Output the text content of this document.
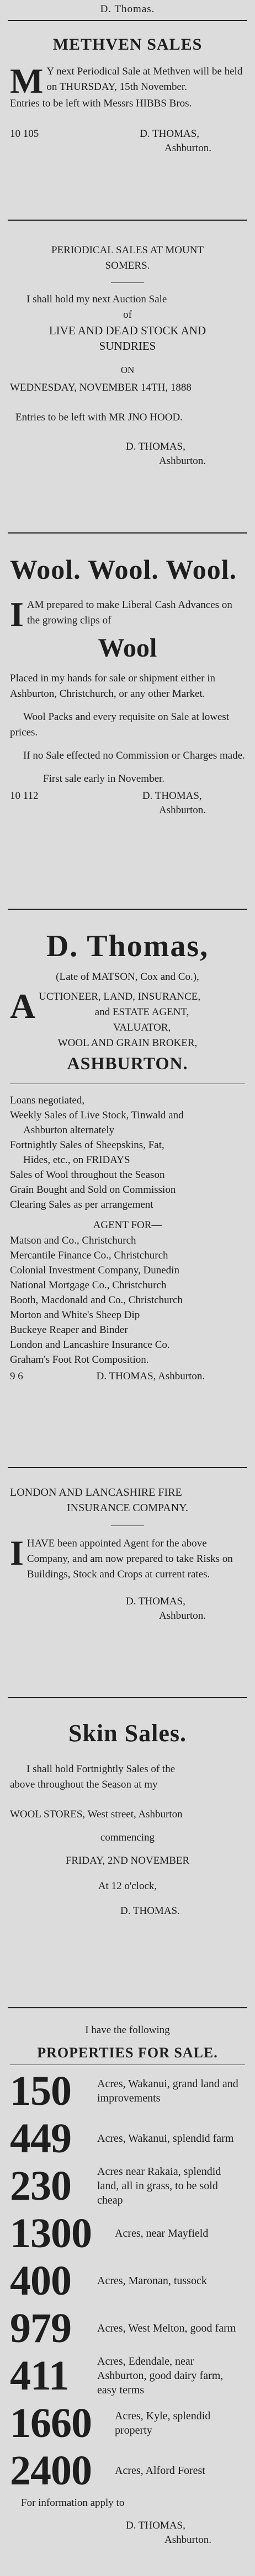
D. Thomas.
METHVEN SALES
M Y next Periodical Sale at Methven will be held on THURSDAY, 15th November.

Entries to be left with Messrs HIBBS Bros.

10 105	D. THOMAS,

Ashburton.

PERIODICAL SALES AT MOUNT

SOMERS.

I shall hold my next Auction Sale

of

LIVE AND DEAD STOCK AND

SUNDRIES

ON

WEDNESDAY, NOVEMBER 14TH, 1888

Entries to be left with MR JNO HOOD.

D. THOMAS,

Ashburton.

Wool. Wool. Wool.
I AM prepared to make Liberal Cash Advances on the growing clips of
Wool

Placed in my hands for sale or shipment either in Ashburton, Christchurch, or any other Market.

Wool Packs and every requisite on Sale at lowest prices.

If no Sale effected no Commission or Charges made.

First sale early in November.

10 112	D. THOMAS,

Ashburton.

D. Thomas,

(Late of MATSON, Cox and Co.),

A UCTIONEER, LAND, INSURANCE,

and ESTATE AGENT,

VALUATOR,

WOOL AND GRAIN BROKER,

ASHBURTON.

Loans negotiated,

Weekly Sales of Live Stock, Tinwald and

Ashburton alternately

Fortnightly Sales of Sheepskins, Fat,

Hides, etc., on FRIDAYS

Sales of Wool throughout the Season

Grain Bought and Sold on Commission

Clearing Sales as per arrangement

AGENT FOR—

Matson and Co., Christchurch

Mercantile Finance Co., Christchurch

Colonial Investment Company, Dunedin

National Mortgage Co., Christchurch

Booth, Macdonald and Co., Christchurch

Morton and White's Sheep Dip

Buckeye Reaper and Binder

London and Lancashire Insurance Co.

Graham's Foot Rot Composition.

9 6	D. THOMAS, Ashburton.

LONDON AND LANCASHIRE FIRE

INSURANCE COMPANY.

I HAVE been appointed Agent for the above Company, and am now prepared to take Risks on Buildings, Stock and Crops at current rates.

D. THOMAS,

Ashburton.

Skin Sales.

I shall hold Fortnightly Sales of the

above throughout the Season at my

WOOL STORES, West street, Ashburton

commencing

FRIDAY, 2ND NOVEMBER

At 12 o'clock,

D. THOMAS.

I have the following

PROPERTIES FOR SALE.

150	Acres, Wakanui, grand land and improvements
449	Acres, Wakanui, splendid farm
230	Acres near Rakaia, splendid land, all in grass, to be sold cheap
1300	Acres, near Mayfield
400	Acres, Maronan, tussock
979	Acres, West Melton, good farm
411	Acres, Edendale, near Ashburton, good dairy farm, easy terms
1660	Acres, Kyle, splendid property
2400	Acres, Alford Forest

For information apply to

D. THOMAS,

Ashburton.
